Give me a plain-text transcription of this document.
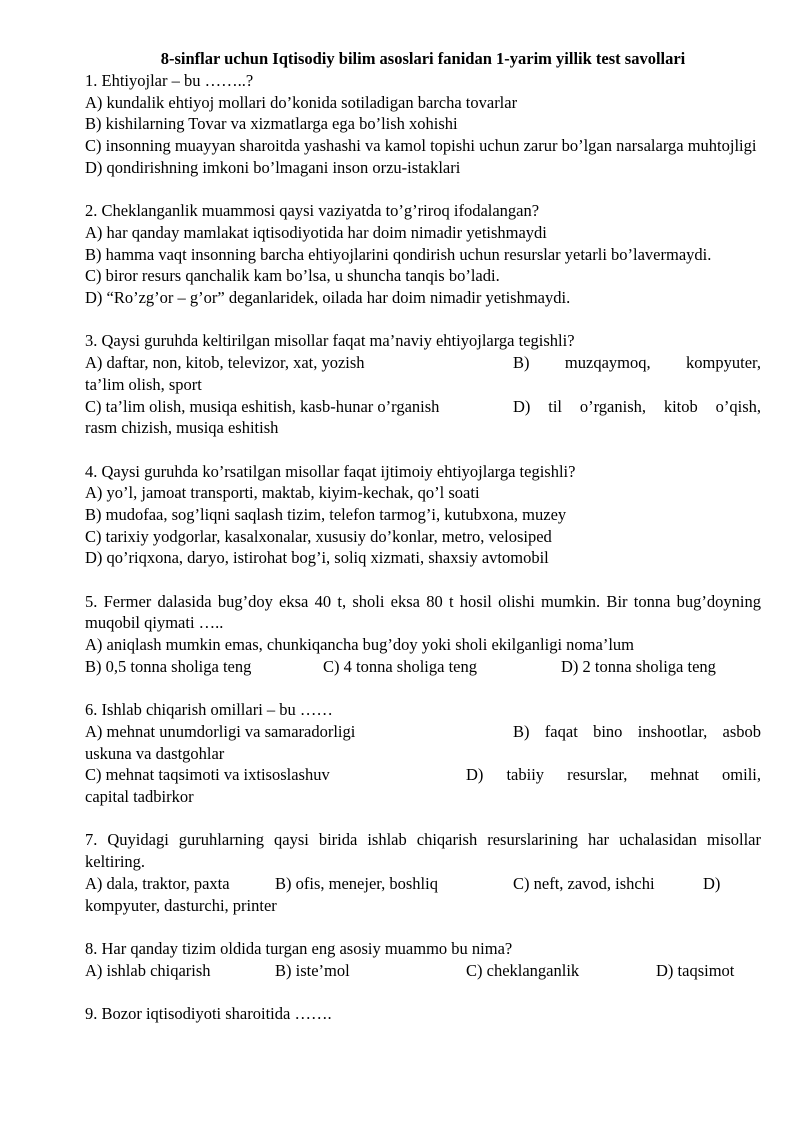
8-sinflar uchun Iqtisodiy bilim asoslari fanidan 1-yarim yillik test savollari

1. Ehtiyojlar – bu ……..?

A) kundalik ehtiyoj mollari do’konida sotiladigan barcha tovarlar

B) kishilarning Tovar va xizmatlarga ega bo’lish xohishi

C) insonning muayyan sharoitda yashashi va kamol topishi uchun zarur bo’lgan narsalarga muhtojligi

D) qondirishning imkoni bo’lmagani inson orzu-istaklari

2. Cheklanganlik muammosi qaysi vaziyatda to’g’riroq ifodalangan?

A) har qanday mamlakat iqtisodiyotida har doim nimadir yetishmaydi

B) hamma vaqt insonning barcha ehtiyojlarini qondirish uchun resurslar yetarli bo’lavermaydi.

C) biror resurs qanchalik kam bo’lsa, u shuncha tanqis bo’ladi.

D) “Ro’zg’or – g’or” deganlaridek, oilada har doim nimadir yetishmaydi.

3. Qaysi guruhda keltirilgan misollar faqat ma’naviy ehtiyojlarga tegishli?

A) daftar, non, kitob, televizor, xat, yozish	B) muzqaymoq, kompyuter,

ta’lim olish, sport

C) ta’lim olish, musiqa eshitish, kasb-hunar o’rganish	D) til o’rganish, kitob o’qish,

rasm chizish, musiqa eshitish

4. Qaysi guruhda ko’rsatilgan misollar faqat ijtimoiy ehtiyojlarga tegishli?

A) yo’l, jamoat transporti, maktab, kiyim-kechak, qo’l soati

B) mudofaa, sog’liqni saqlash tizim, telefon tarmog’i, kutubxona, muzey

C) tarixiy yodgorlar, kasalxonalar, xususiy do’konlar, metro, velosiped

D) qo’riqxona, daryo, istirohat bog’i, soliq xizmati, shaxsiy avtomobil

5. Fermer dalasida bug’doy eksa 40 t, sholi eksa 80 t hosil olishi mumkin. Bir tonna bug’doyning muqobil qiymati …..

A) aniqlash mumkin emas, chunkiqancha bug’doy yoki sholi ekilganligi noma’lum

B) 0,5 tonna sholiga teng	C) 4 tonna sholiga teng	D) 2 tonna sholiga teng

6. Ishlab chiqarish omillari – bu ……

A) mehnat unumdorligi va samaradorligi	B) faqat bino inshootlar, asbob

uskuna va dastgohlar

C) mehnat taqsimoti va ixtisoslashuv	D) tabiiy resurslar, mehnat omili,

capital tadbirkor

7. Quyidagi guruhlarning qaysi birida ishlab chiqarish resurslarining har uchalasidan misollar keltiring.

A) dala, traktor, paxta	B) ofis, menejer, boshliq	C) neft, zavod, ishchi	D)

kompyuter, dasturchi, printer

8. Har qanday tizim oldida turgan eng asosiy muammo bu nima?

A) ishlab chiqarish	B) iste’mol	C) cheklanganlik	D) taqsimot

9. Bozor iqtisodiyoti sharoitida …….
